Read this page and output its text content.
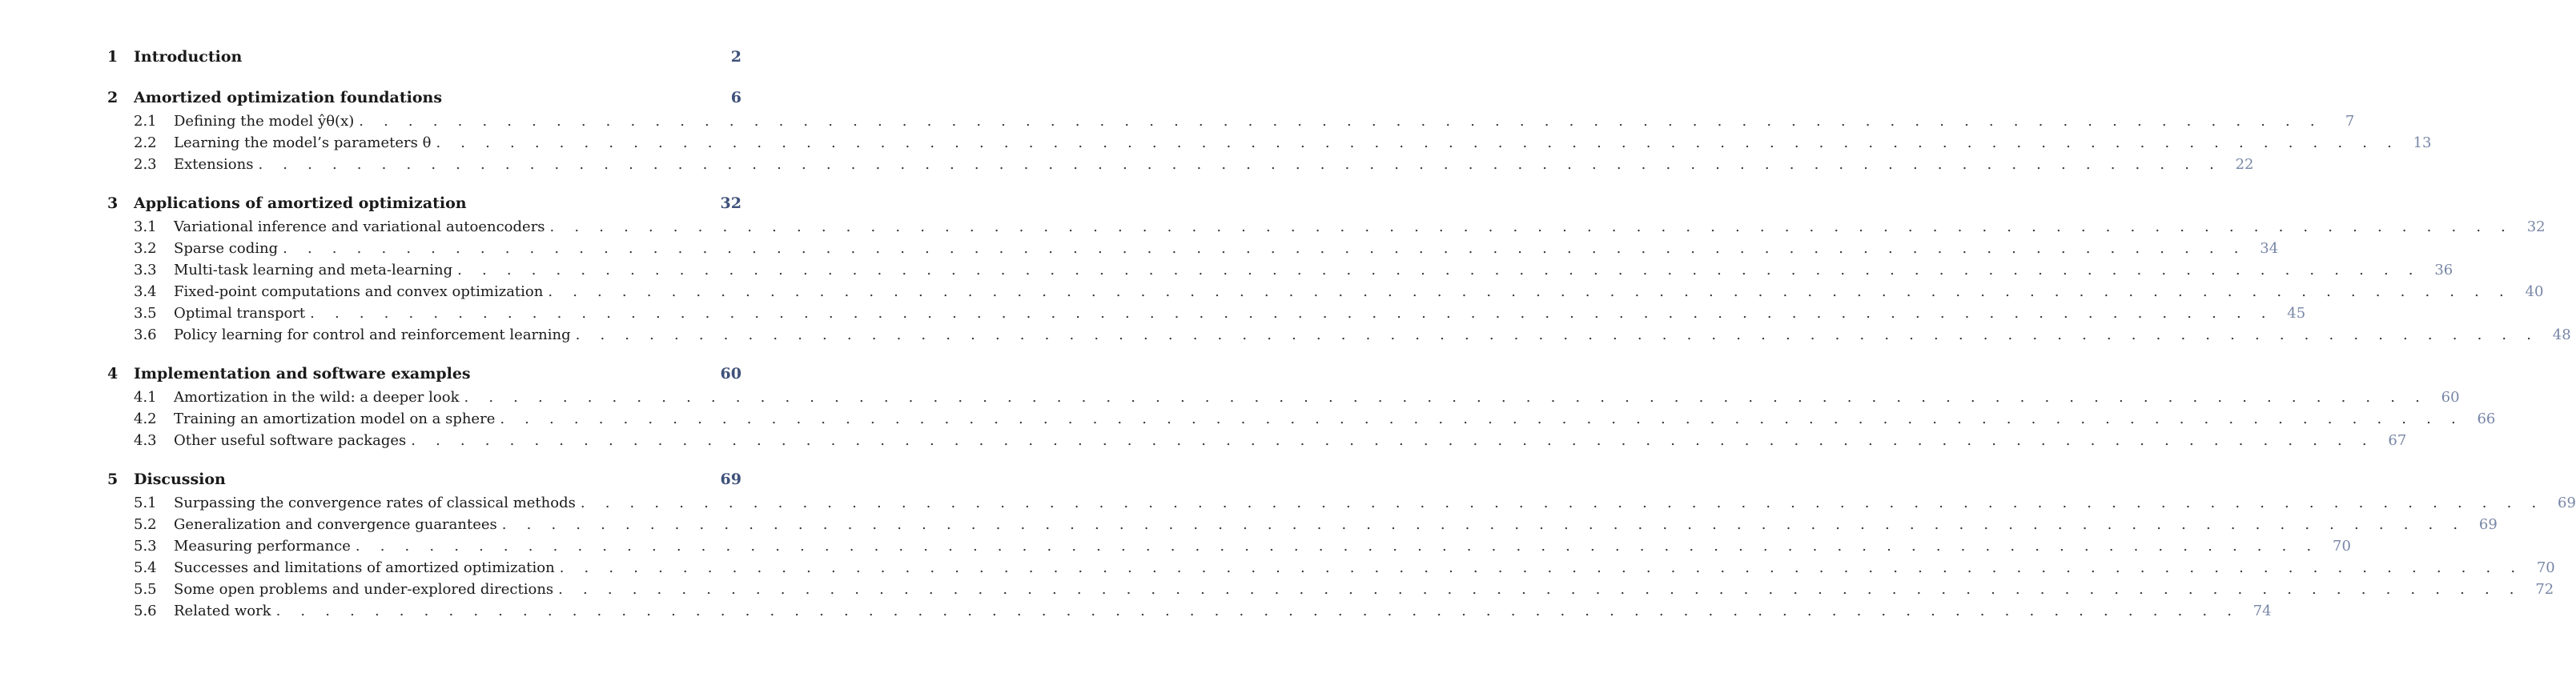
1	Introduction	2
2	Amortized optimization foundations	6
2.1	Defining the model ŷθ(x) . . . . . . . . . . . . . . . . . . . . . . . . . . . . . . . . . . . . . . . . . . . . . . . . . . . . . . . . . . . . . . . . . . . . . . . . . . . . . . . .	7
2.2	Learning the model’s parameters θ . . . . . . . . . . . . . . . . . . . . . . . . . . . . . . . . . . . . . . . . . . . . . . . . . . . . . . . . . . . . . . . . . . . . . . . . . . . . . . . . 13
2.3	Extensions . . . . . . . . . . . . . . . . . . . . . . . . . . . . . . . . . . . . . . . . . . . . . . . . . . . . . . . . . . . . . . . . . . . . . . . . . . . . . . . . 22
3	Applications of amortized optimization	32
3.1	Variational inference and variational autoencoders . . . . . . . . . . . . . . . . . . . . . . . . . . . . . . . . . . . . . . . . . . . . . . . . . . . . . . . . . . . . . . . . . . . . . . . . . . . . . . . . 32
3.2	Sparse coding . . . . . . . . . . . . . . . . . . . . . . . . . . . . . . . . . . . . . . . . . . . . . . . . . . . . . . . . . . . . . . . . . . . . . . . . . . . . . . . . 34
3.3	Multi-task learning and meta-learning . . . . . . . . . . . . . . . . . . . . . . . . . . . . . . . . . . . . . . . . . . . . . . . . . . . . . . . . . . . . . . . . . . . . . . . . . . . . . . . . 36
3.4	Fixed-point computations and convex optimization . . . . . . . . . . . . . . . . . . . . . . . . . . . . . . . . . . . . . . . . . . . . . . . . . . . . . . . . . . . . . . . . . . . . . . . . . . . . . . . . 40
3.5	Optimal transport . . . . . . . . . . . . . . . . . . . . . . . . . . . . . . . . . . . . . . . . . . . . . . . . . . . . . . . . . . . . . . . . . . . . . . . . . . . . . . . . 45
3.6	Policy learning for control and reinforcement learning . . . . . . . . . . . . . . . . . . . . . . . . . . . . . . . . . . . . . . . . . . . . . . . . . . . . . . . . . . . . . . . . . . . . . . . . . . . . . . . . 48
4	Implementation and software examples	60
4.1	Amortization in the wild: a deeper look . . . . . . . . . . . . . . . . . . . . . . . . . . . . . . . . . . . . . . . . . . . . . . . . . . . . . . . . . . . . . . . . . . . . . . . . . . . . . . . . 60
4.2	Training an amortization model on a sphere . . . . . . . . . . . . . . . . . . . . . . . . . . . . . . . . . . . . . . . . . . . . . . . . . . . . . . . . . . . . . . . . . . . . . . . . . . . . . . . . 66
4.3	Other useful software packages . . . . . . . . . . . . . . . . . . . . . . . . . . . . . . . . . . . . . . . . . . . . . . . . . . . . . . . . . . . . . . . . . . . . . . . . . . . . . . . . 67
5	Discussion	69
5.1	Surpassing the convergence rates of classical methods . . . . . . . . . . . . . . . . . . . . . . . . . . . . . . . . . . . . . . . . . . . . . . . . . . . . . . . . . . . . . . . . . . . . . . . . . . . . . . . . 69
5.2	Generalization and convergence guarantees . . . . . . . . . . . . . . . . . . . . . . . . . . . . . . . . . . . . . . . . . . . . . . . . . . . . . . . . . . . . . . . . . . . . . . . . . . . . . . . . 69
5.3	Measuring performance . . . . . . . . . . . . . . . . . . . . . . . . . . . . . . . . . . . . . . . . . . . . . . . . . . . . . . . . . . . . . . . . . . . . . . . . . . . . . . . . 70
5.4	Successes and limitations of amortized optimization . . . . . . . . . . . . . . . . . . . . . . . . . . . . . . . . . . . . . . . . . . . . . . . . . . . . . . . . . . . . . . . . . . . . . . . . . . . . . . . . 70
5.5	Some open problems and under-explored directions . . . . . . . . . . . . . . . . . . . . . . . . . . . . . . . . . . . . . . . . . . . . . . . . . . . . . . . . . . . . . . . . . . . . . . . . . . . . . . . . 72
5.6	Related work . . . . . . . . . . . . . . . . . . . . . . . . . . . . . . . . . . . . . . . . . . . . . . . . . . . . . . . . . . . . . . . . . . . . . . . . . . . . . . . . 74
